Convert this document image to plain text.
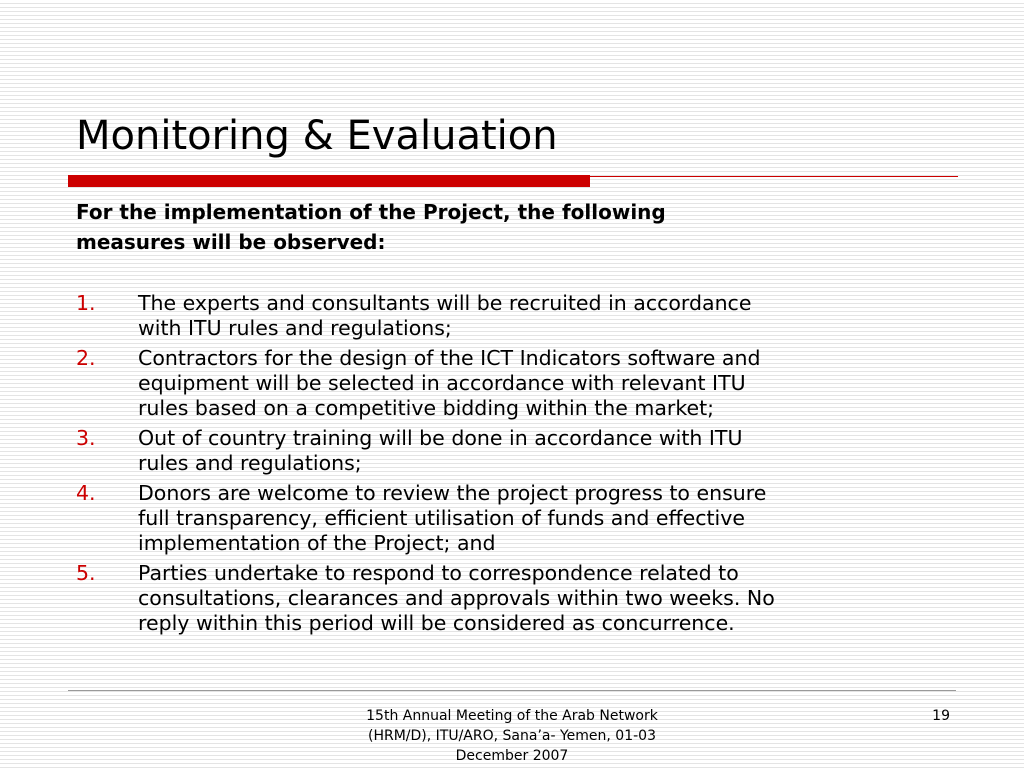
Monitoring & Evaluation

For the implementation of the Project, the following
measures will be observed:

1. The experts and consultants will be recruited in accordance
with ITU rules and regulations;
2. Contractors for the design of the ICT Indicators software and
equipment will be selected in accordance with relevant ITU
rules based on a competitive bidding within the market;
3. Out of country training will be done in accordance with ITU
rules and regulations;
4. Donors are welcome to review the project progress to ensure
full transparency, efficient utilisation of funds and effective
implementation of the Project; and
5. Parties undertake to respond to correspondence related to
consultations, clearances and approvals within two weeks. No
reply within this period will be considered as concurrence.
15th Annual Meeting of the Arab Network
(HRM/D), ITU/ARO, Sana’a- Yemen, 01-03
December 2007
19
